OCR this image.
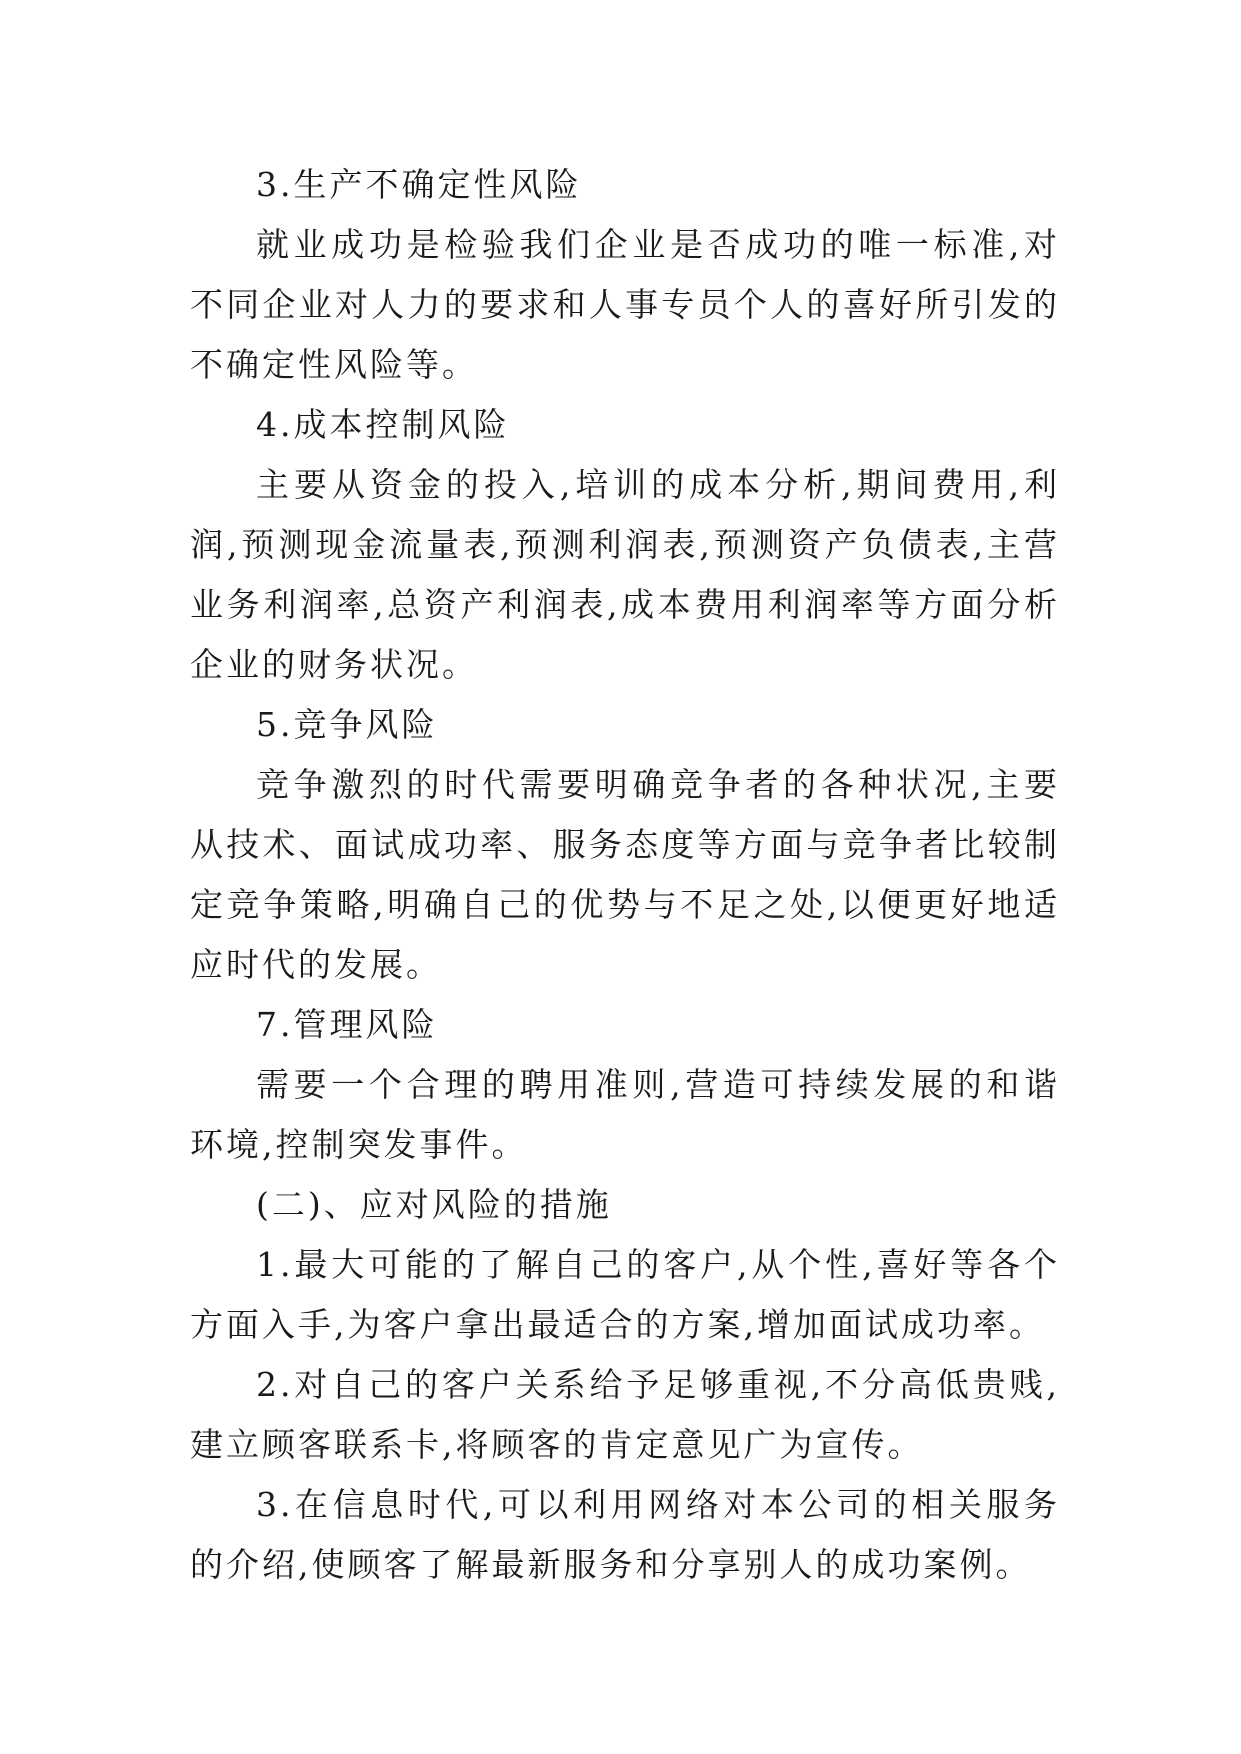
3.生产不确定性风险

就业成功是检验我们企业是否成功的唯一标准,对不同企业对人力的要求和人事专员个人的喜好所引发的不确定性风险等。

4.成本控制风险

主要从资金的投入,培训的成本分析,期间费用,利润,预测现金流量表,预测利润表,预测资产负债表,主营业务利润率,总资产利润表,成本费用利润率等方面分析企业的财务状况。

5.竞争风险

竞争激烈的时代需要明确竞争者的各种状况,主要从技术、面试成功率、服务态度等方面与竞争者比较制定竞争策略,明确自己的优势与不足之处,以便更好地适应时代的发展。

7.管理风险

需要一个合理的聘用准则,营造可持续发展的和谐环境,控制突发事件。

(二)、应对风险的措施

1.最大可能的了解自己的客户,从个性,喜好等各个方面入手,为客户拿出最适合的方案,增加面试成功率。

2.对自己的客户关系给予足够重视,不分高低贵贱,建立顾客联系卡,将顾客的肯定意见广为宣传。

3.在信息时代,可以利用网络对本公司的相关服务的介绍,使顾客了解最新服务和分享别人的成功案例。
